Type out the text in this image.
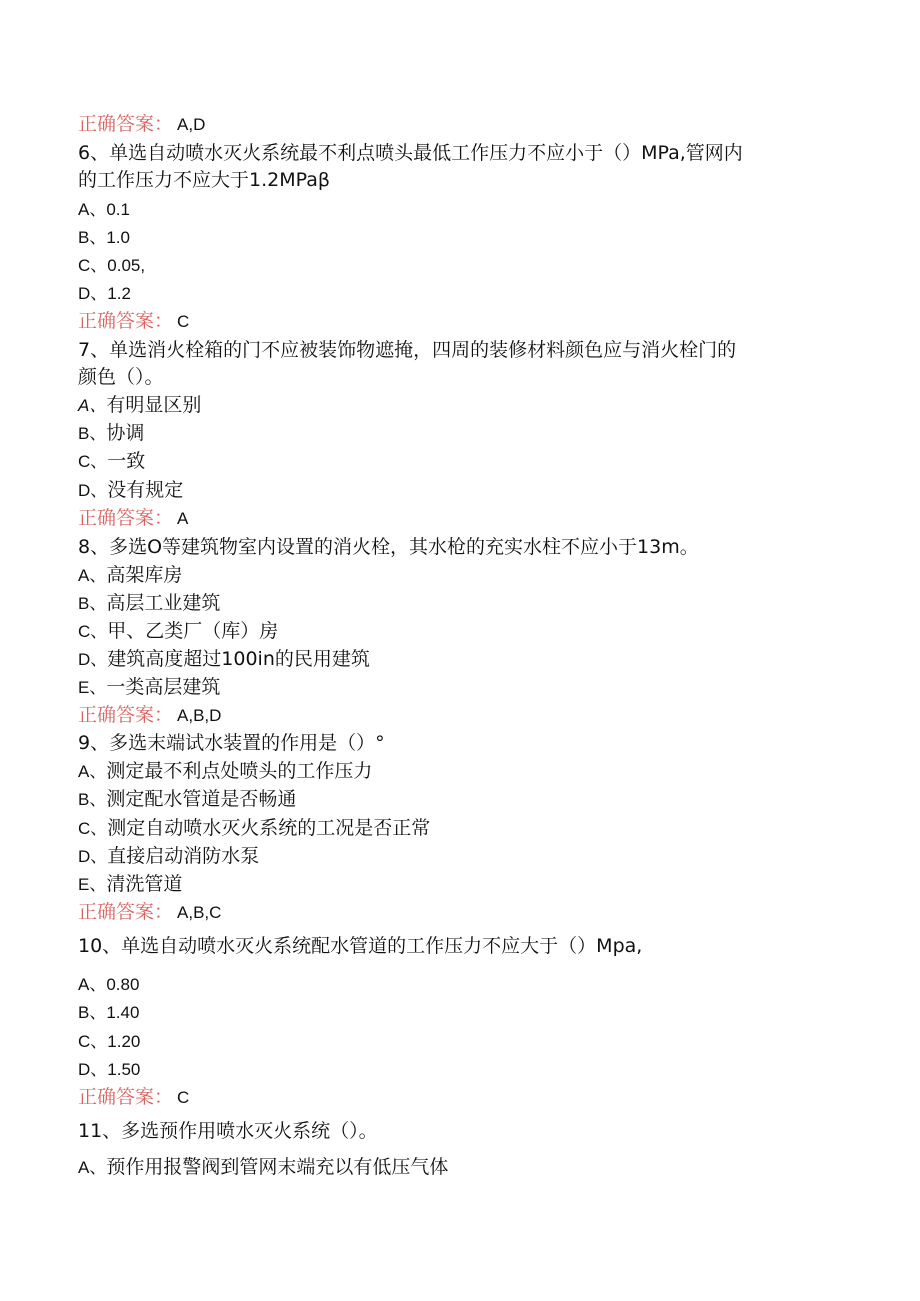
正确答案： A,D
6、单选自动喷水灭火系统最不利点喷头最低工作压力不应小于（）MPa,管网内
的工作压力不应大于1.2MPaβ
A、0.1
B、1.0
C、0.05,
D、1.2
正确答案： C
7、单选消火栓箱的门不应被装饰物遮掩，四周的装修材料颜色应与消火栓门的
颜色（）。
A、有明显区别
B、协调
C、一致
D、没有规定
正确答案： A
8、多选O等建筑物室内设置的消火栓，其水枪的充实水柱不应小于13m。
A、高架库房
B、高层工业建筑
C、甲、乙类厂（库）房
D、建筑高度超过100in的民用建筑
E、一类高层建筑
正确答案： A,B,D
9、多选末端试水装置的作用是（）°
A、测定最不利点处喷头的工作压力
B、测定配水管道是否畅通
C、测定自动喷水灭火系统的工况是否正常
D、直接启动消防水泵
E、清洗管道
正确答案： A,B,C
10、单选自动喷水灭火系统配水管道的工作压力不应大于（）Mpa,
A、0.80
B、1.40
C、1.20
D、1.50
正确答案： C
11、多选预作用喷水灭火系统（）。
A、预作用报警阀到管网末端充以有低压气体
